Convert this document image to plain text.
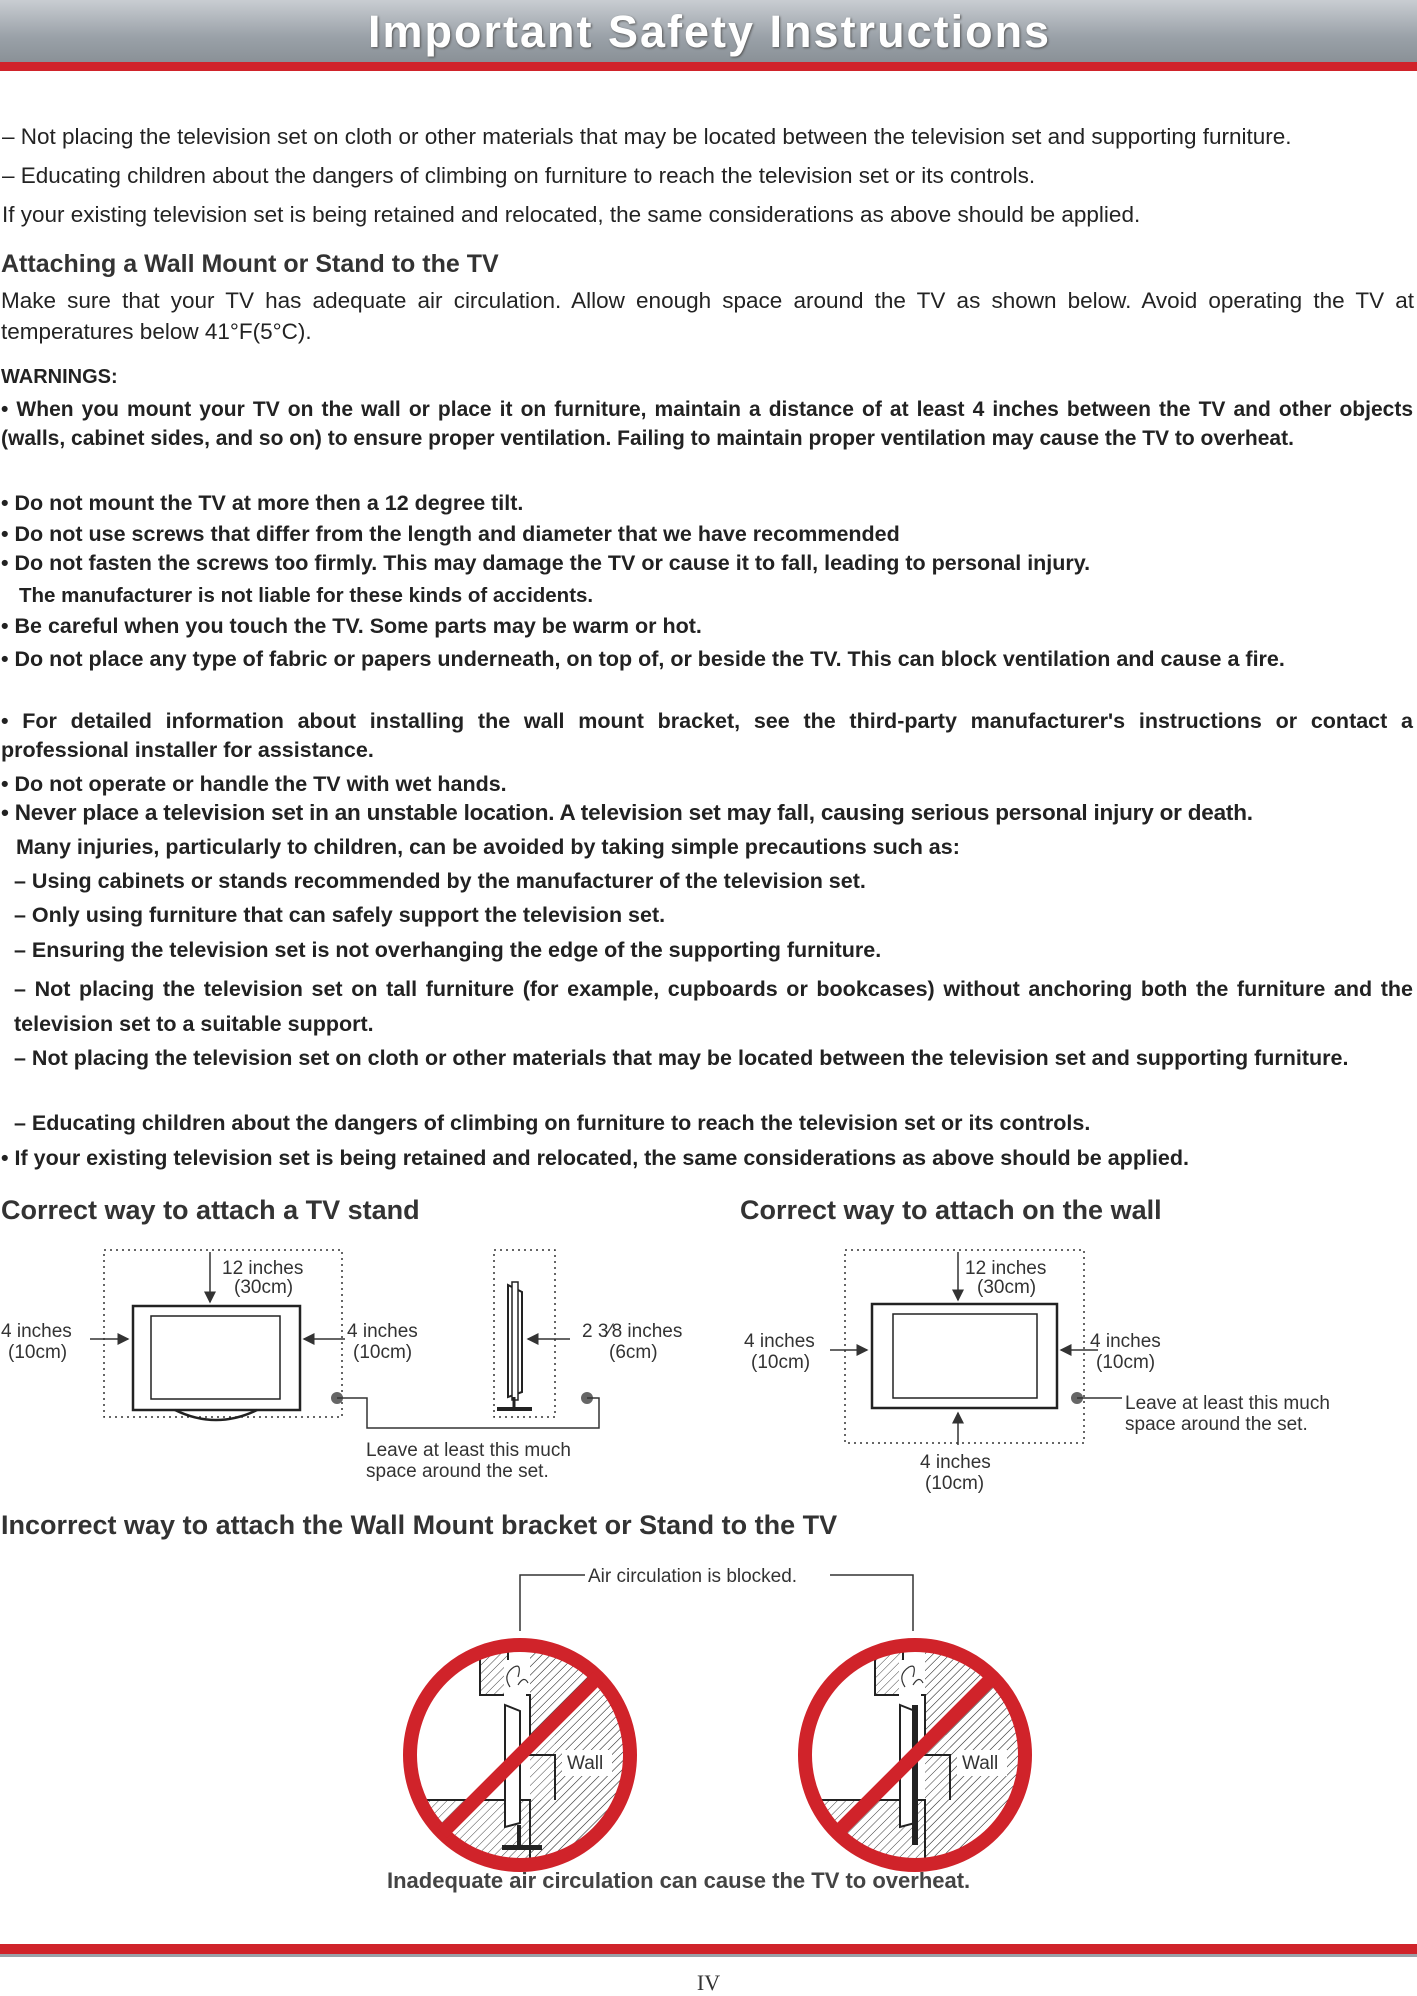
Important Safety Instructions
– Not placing the television set on cloth or other materials that may be located between the television set and supporting furniture.
– Educating children about the dangers of climbing on furniture to reach the television set or its controls.
If your existing television set is being retained and relocated, the same considerations as above should be applied.
Attaching a Wall Mount or Stand to the TV
Make sure that your TV has adequate air circulation. Allow enough space around the TV as shown below. Avoid operating the TV at temperatures below 41°F(5°C).
WARNINGS:
• When you mount your TV on the wall or place it on furniture, maintain a distance of at least 4 inches between the TV and other objects (walls, cabinet sides, and so on) to ensure proper ventilation. Failing to maintain proper ventilation may cause the TV to overheat.
• Do not mount the TV at more then a 12 degree tilt.
• Do not use screws that differ from the length and diameter that we have recommended
• Do not fasten the screws too firmly. This may damage the TV or cause it to fall, leading to personal injury.
The manufacturer is not liable for these kinds of accidents.
• Be careful when you touch the TV. Some parts may be warm or hot.
• Do not place any type of fabric or papers underneath, on top of, or beside the TV. This can block ventilation and cause a fire.
• For detailed information about installing the wall mount bracket, see the third-party manufacturer's instructions or contact a professional installer for assistance.
• Do not operate or handle the TV with wet hands.
• Never place a television set in an unstable location. A television set may fall, causing serious personal injury or death.
Many injuries, particularly to children, can be avoided by taking simple precautions such as:
– Using cabinets or stands recommended by the manufacturer of the television set.
– Only using furniture that can safely support the television set.
– Ensuring the television set is not overhanging the edge of the supporting furniture.
– Not placing the television set on tall furniture (for example, cupboards or bookcases) without anchoring both the furniture and the television set to a suitable support.
– Not placing the television set on cloth or other materials that may be located between the television set and supporting furniture.
– Educating children about the dangers of climbing on furniture to reach the television set or its controls.
• If your existing television set is being retained and relocated, the same considerations as above should be applied.
Correct way to attach a TV stand	Correct way to attach on the wall
12 inches
(30cm)
4 inches
(10cm)
4 inches
(10cm)
2 3⁄8 inches
(6cm)
Leave at least this much
space around the set.
12 inches
(30cm)
4 inches
(10cm)
4 inches
(10cm)
4 inches
(10cm)
Leave at least this much
space around the set.
Incorrect way to attach the Wall Mount bracket or Stand to the TV
Air circulation is blocked.
Wall	Wall
Inadequate air circulation can cause the TV to overheat.
IV
